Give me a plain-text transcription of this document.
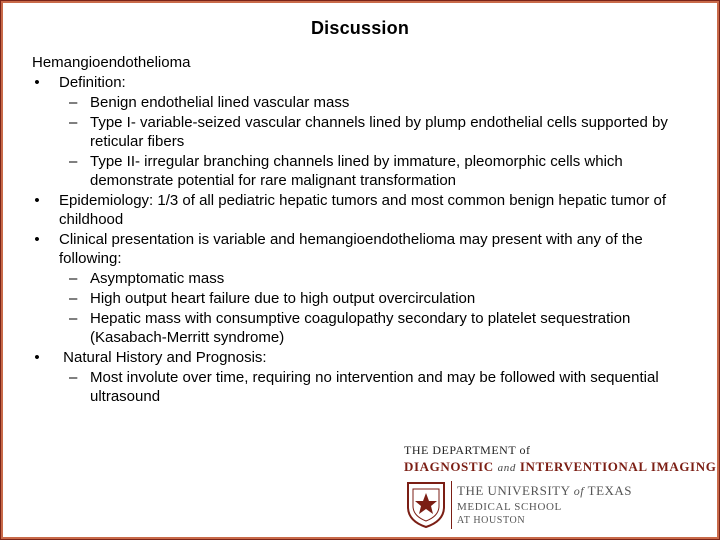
Discussion
Hemangioendothelioma
• Definition:
– Benign endothelial lined vascular mass
– Type I- variable-seized vascular channels lined by plump endothelial cells supported by reticular fibers
– Type II- irregular branching channels lined by immature, pleomorphic cells which demonstrate potential for rare malignant transformation
• Epidemiology: 1/3 of all pediatric hepatic tumors and most common benign hepatic tumor of childhood
• Clinical presentation is variable and hemangioendothelioma may present with any of the following:
– Asymptomatic mass
– High output heart failure due to high output overcirculation
– Hepatic mass with consumptive coagulopathy secondary to platelet sequestration (Kasabach-Merritt syndrome)
• Natural History and Prognosis:
– Most involute over time, requiring no intervention and may be followed with sequential ultrasound
THE DEPARTMENT of
DIAGNOSTIC and INTERVENTIONAL IMAGING
THE UNIVERSITY of TEXAS
MEDICAL SCHOOL
AT HOUSTON
